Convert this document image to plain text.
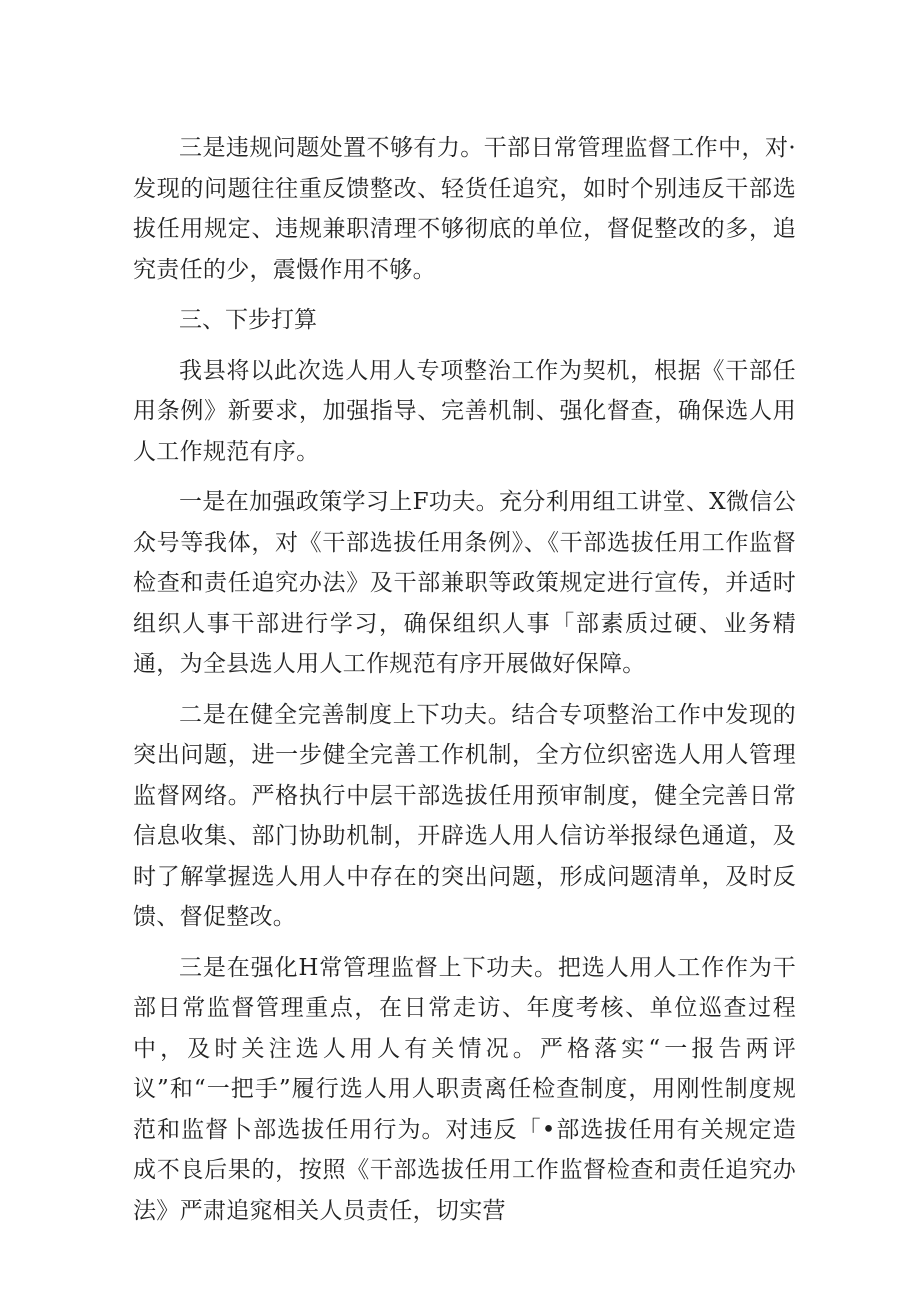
三是违规问题处置不够有力。干部日常管理监督工作中，对·发现的问题往往重反馈整改、轻货任追究，如时个别违反干部选拔任用规定、违规兼职清理不够彻底的单位，督促整改的多，追究责任的少，震慑作用不够。

三、下步打算

我县将以此次选人用人专项整治工作为契机，根据《干部任用条例》新要求，加强指导、完善机制、强化督查，确保选人用人工作规范有序。

一是在加强政策学习上F功夫。充分利用组工讲堂、X微信公众号等我体，对《干部选拔任用条例》、《干部选拔任用工作监督检查和责任追究办法》及干部兼职等政策规定进行宣传，并适时组织人事干部进行学习，确保组织人事「部素质过硬、业务精通，为全县选人用人工作规范有序开展做好保障。

二是在健全完善制度上下功夫。结合专项整治工作中发现的突出问题，进一步健全完善工作机制，全方位织密选人用人管理监督网络。严格执行中层干部选拔任用预审制度，健全完善日常信息收集、部门协助机制，开辟选人用人信访举报绿色通道，及时了解掌握选人用人中存在的突出问题，形成问题清单，及时反馈、督促整改。

三是在强化H常管理监督上下功夫。把选人用人工作作为干部日常监督管理重点，在日常走访、年度考核、单位巡查过程中，及时关注选人用人有关情况。严格落实“一报告两评议”和“一把手”履行选人用人职责离任检查制度，用刚性制度规范和监督卜部选拔任用行为。对违反「•部选拔任用有关规定造成不良后果的，按照《干部选拔任用工作监督检查和责任追究办法》严肃追窕相关人员责任，切实营
